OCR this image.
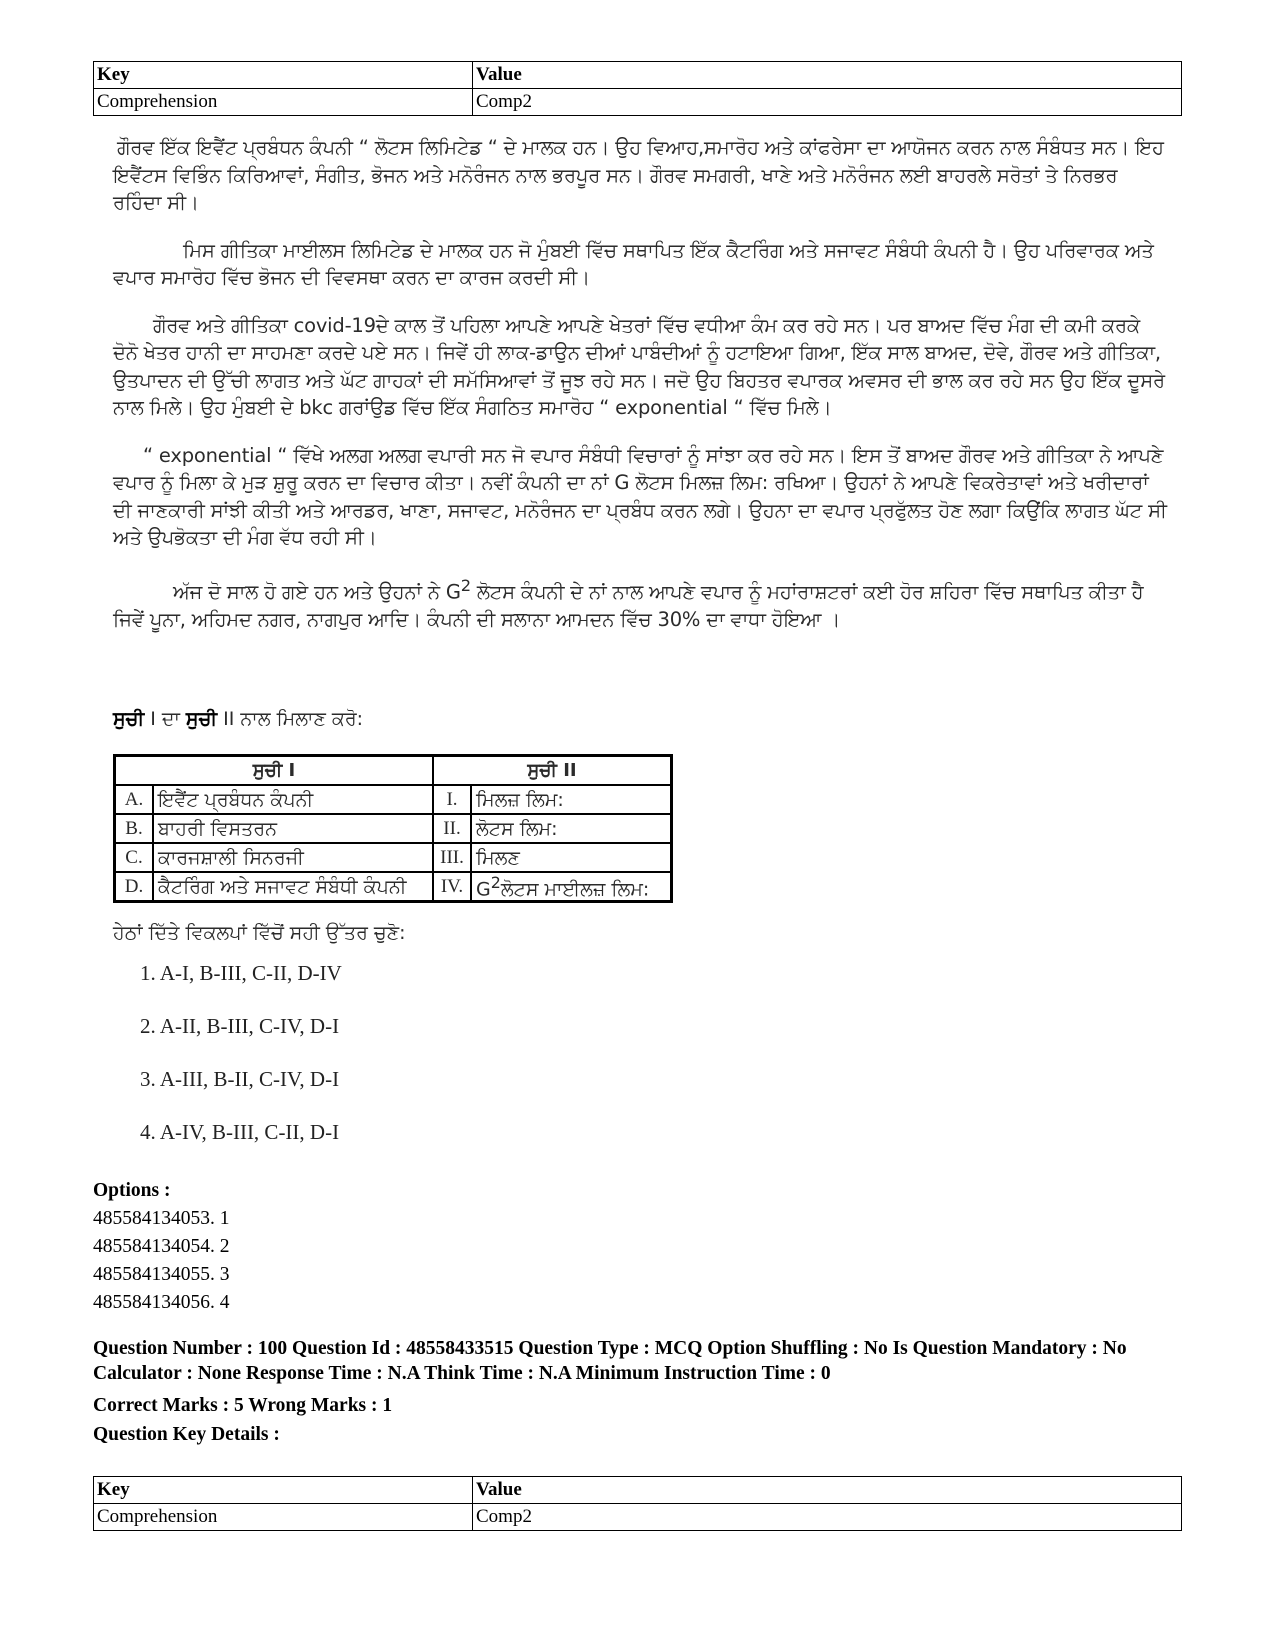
Key	Value
Comprehension	Comp2

ਗੌਰਵ ਇੱਕ ਇਵੈਂਟ ਪ੍ਰਬੰਧਨ ਕੰਪਨੀ “ ਲੋਟਸ ਲਿਮਿਟੇਡ “ ਦੇ ਮਾਲਕ ਹਨ। ਉਹ ਵਿਆਹ,ਸਮਾਰੋਹ ਅਤੇ ਕਾਂਫਰੇਸਾ ਦਾ ਆਯੋਜਨ ਕਰਨ ਨਾਲ ਸੰਬੰਧਤ ਸਨ। ਇਹ ਇਵੈਂਟਸ ਵਿਭਿੰਨ ਕਿਰਿਆਵਾਂ, ਸੰਗੀਤ, ਭੋਜਨ ਅਤੇ ਮਨੋਰੰਜਨ ਨਾਲ ਭਰਪੂਰ ਸਨ। ਗੌਰਵ ਸਮਗਰੀ, ਖਾਣੇ ਅਤੇ ਮਨੋਰੰਜਨ ਲਈ ਬਾਹਰਲੇ ਸਰੋਤਾਂ ਤੇ ਨਿਰਭਰ ਰਹਿੰਦਾ ਸੀ।

ਮਿਸ ਗੀਤਿਕਾ ਮਾਈਲਸ ਲਿਮਿਟੇਡ ਦੇ ਮਾਲਕ ਹਨ ਜੋ ਮੁੰਬਈ ਵਿੱਚ ਸਥਾਪਿਤ ਇੱਕ ਕੈਟਰਿੰਗ ਅਤੇ ਸਜਾਵਟ ਸੰਬੰਧੀ ਕੰਪਨੀ ਹੈ। ਉਹ ਪਰਿਵਾਰਕ ਅਤੇ ਵਪਾਰ ਸਮਾਰੋਹ ਵਿੱਚ ਭੋਜਨ ਦੀ ਵਿਵਸਥਾ ਕਰਨ ਦਾ ਕਾਰਜ ਕਰਦੀ ਸੀ।

ਗੌਰਵ ਅਤੇ ਗੀਤਿਕਾ covid-19ਦੇ ਕਾਲ ਤੋਂ ਪਹਿਲਾ ਆਪਣੇ ਆਪਣੇ ਖੇਤਰਾਂ ਵਿੱਚ ਵਧੀਆ ਕੰਮ ਕਰ ਰਹੇ ਸਨ। ਪਰ ਬਾਅਦ ਵਿੱਚ ਮੰਗ ਦੀ ਕਮੀ ਕਰਕੇ ਦੋਨੋ ਖੇਤਰ ਹਾਨੀ ਦਾ ਸਾਹਮਣਾ ਕਰਦੇ ਪਏ ਸਨ। ਜਿਵੇਂ ਹੀ ਲਾਕ-ਡਾਉਨ ਦੀਆਂ ਪਾਬੰਦੀਆਂ ਨੂੰ ਹਟਾਇਆ ਗਿਆ, ਇੱਕ ਸਾਲ ਬਾਅਦ, ਦੋਵੇ, ਗੌਰਵ ਅਤੇ ਗੀਤਿਕਾ, ਉਤਪਾਦਨ ਦੀ ਉੱਚੀ ਲਾਗਤ ਅਤੇ ਘੱਟ ਗਾਹਕਾਂ ਦੀ ਸਮੱਸਿਆਵਾਂ ਤੋਂ ਜੂਝ ਰਹੇ ਸਨ। ਜਦੋ ਉਹ ਬਿਹਤਰ ਵਪਾਰਕ ਅਵਸਰ ਦੀ ਭਾਲ ਕਰ ਰਹੇ ਸਨ ਉਹ ਇੱਕ ਦੂਸਰੇ ਨਾਲ ਮਿਲੇ। ਉਹ ਮੁੰਬਈ ਦੇ bkc ਗਰਾਂਉਡ ਵਿੱਚ ਇੱਕ ਸੰਗਠਿਤ ਸਮਾਰੋਹ “ exponential “ ਵਿੱਚ ਮਿਲੇ।

“ exponential “ ਵਿੱਖੇ ਅਲਗ ਅਲਗ ਵਪਾਰੀ ਸਨ ਜੋ ਵਪਾਰ ਸੰਬੰਧੀ ਵਿਚਾਰਾਂ ਨੂੰ ਸਾਂਝਾ ਕਰ ਰਹੇ ਸਨ। ਇਸ ਤੋਂ ਬਾਅਦ ਗੌਰਵ ਅਤੇ ਗੀਤਿਕਾ ਨੇ ਆਪਣੇ ਵਪਾਰ ਨੂੰ ਮਿਲਾ ਕੇ ਮੁੜ ਸ਼ੁਰੂ ਕਰਨ ਦਾ ਵਿਚਾਰ ਕੀਤਾ। ਨਵੀਂ ਕੰਪਨੀ ਦਾ ਨਾਂ G ਲੋਟਸ ਮਿਲਜ਼ ਲਿਮ: ਰਖਿਆ। ਉਹਨਾਂ ਨੇ ਆਪਣੇ ਵਿਕਰੇਤਾਵਾਂ ਅਤੇ ਖਰੀਦਾਰਾਂ ਦੀ ਜਾਣਕਾਰੀ ਸਾਂਝੀ ਕੀਤੀ ਅਤੇ ਆਰਡਰ, ਖਾਣਾ, ਸਜਾਵਟ, ਮਨੋਰੰਜਨ ਦਾ ਪ੍ਰਬੰਧ ਕਰਨ ਲਗੇ। ਉਹਨਾ ਦਾ ਵਪਾਰ ਪ੍ਰਫੁੱਲਤ ਹੋਣ ਲਗਾ ਕਿਉਂਕਿ ਲਾਗਤ ਘੱਟ ਸੀ ਅਤੇ ਉਪਭੋਕਤਾ ਦੀ ਮੰਗ ਵੱਧ ਰਹੀ ਸੀ।

ਅੱਜ ਦੋ ਸਾਲ ਹੋ ਗਏ ਹਨ ਅਤੇ ਉਹਨਾਂ ਨੇ $G^2$ ਲੋਟਸ ਕੰਪਨੀ ਦੇ ਨਾਂ ਨਾਲ ਆਪਣੇ ਵਪਾਰ ਨੂੰ ਮਹਾਂਰਾਸ਼ਟਰਾਂ ਕਈ ਹੋਰ ਸ਼ਹਿਰਾ ਵਿੱਚ ਸਥਾਪਿਤ ਕੀਤਾ ਹੈ ਜਿਵੇਂ ਪੂਨਾ, ਅਹਿਮਦ ਨਗਰ, ਨਾਗਪੁਰ ਆਦਿ। ਕੰਪਨੀ ਦੀ ਸਲਾਨਾ ਆਮਦਨ ਵਿੱਚ 30% ਦਾ ਵਾਧਾ ਹੋਇਆ ।

ਸੁਚੀ I ਦਾ ਸੁਚੀ II ਨਾਲ ਮਿਲਾਣ ਕਰੋ:
ਸੁਚੀ I		ਸੁਚੀ II	
A.	ਇਵੈਂਟ ਪ੍ਰਬੰਧਨ ਕੰਪਨੀ	I.	ਮਿਲਜ਼ ਲਿਮ:
B.	ਬਾਹਰੀ ਵਿਸਤਰਨ	II.	ਲੋਟਸ ਲਿਮ:
C.	ਕਾਰਜਸ਼ਾਲੀ ਸਿਨਰਜੀ	III.	ਮਿਲਣ
D.	ਕੈਟਰਿੰਗ ਅਤੇ ਸਜਾਵਟ ਸੰਬੰਧੀ ਕੰਪਨੀ	IV.	$G^2ਲੋਟਸ$ ਮਾਈਲਜ਼ ਲਿਮ:
ਹੇਠਾਂ ਦਿੱਤੇ ਵਿਕਲਪਾਂ ਵਿੱਚੋਂ ਸਹੀ ਉੱਤਰ ਚੁਣੋ:
1. A-I, B-III, C-II, D-IV
2. A-II, B-III, C-IV, D-I
3. A-III, B-II, C-IV, D-I
4. A-IV, B-III, C-II, D-I
Options :
485584134053. 1
485584134054. 2
485584134055. 3
485584134056. 4
Question Number : 100 Question Id : 48558433515 Question Type : MCQ Option Shuffling : No Is Question Mandatory : No Calculator : None Response Time : N.A Think Time : N.A Minimum Instruction Time : 0
Correct Marks : 5 Wrong Marks : 1
Question Key Details :
Key	Value
Comprehension	Comp2
